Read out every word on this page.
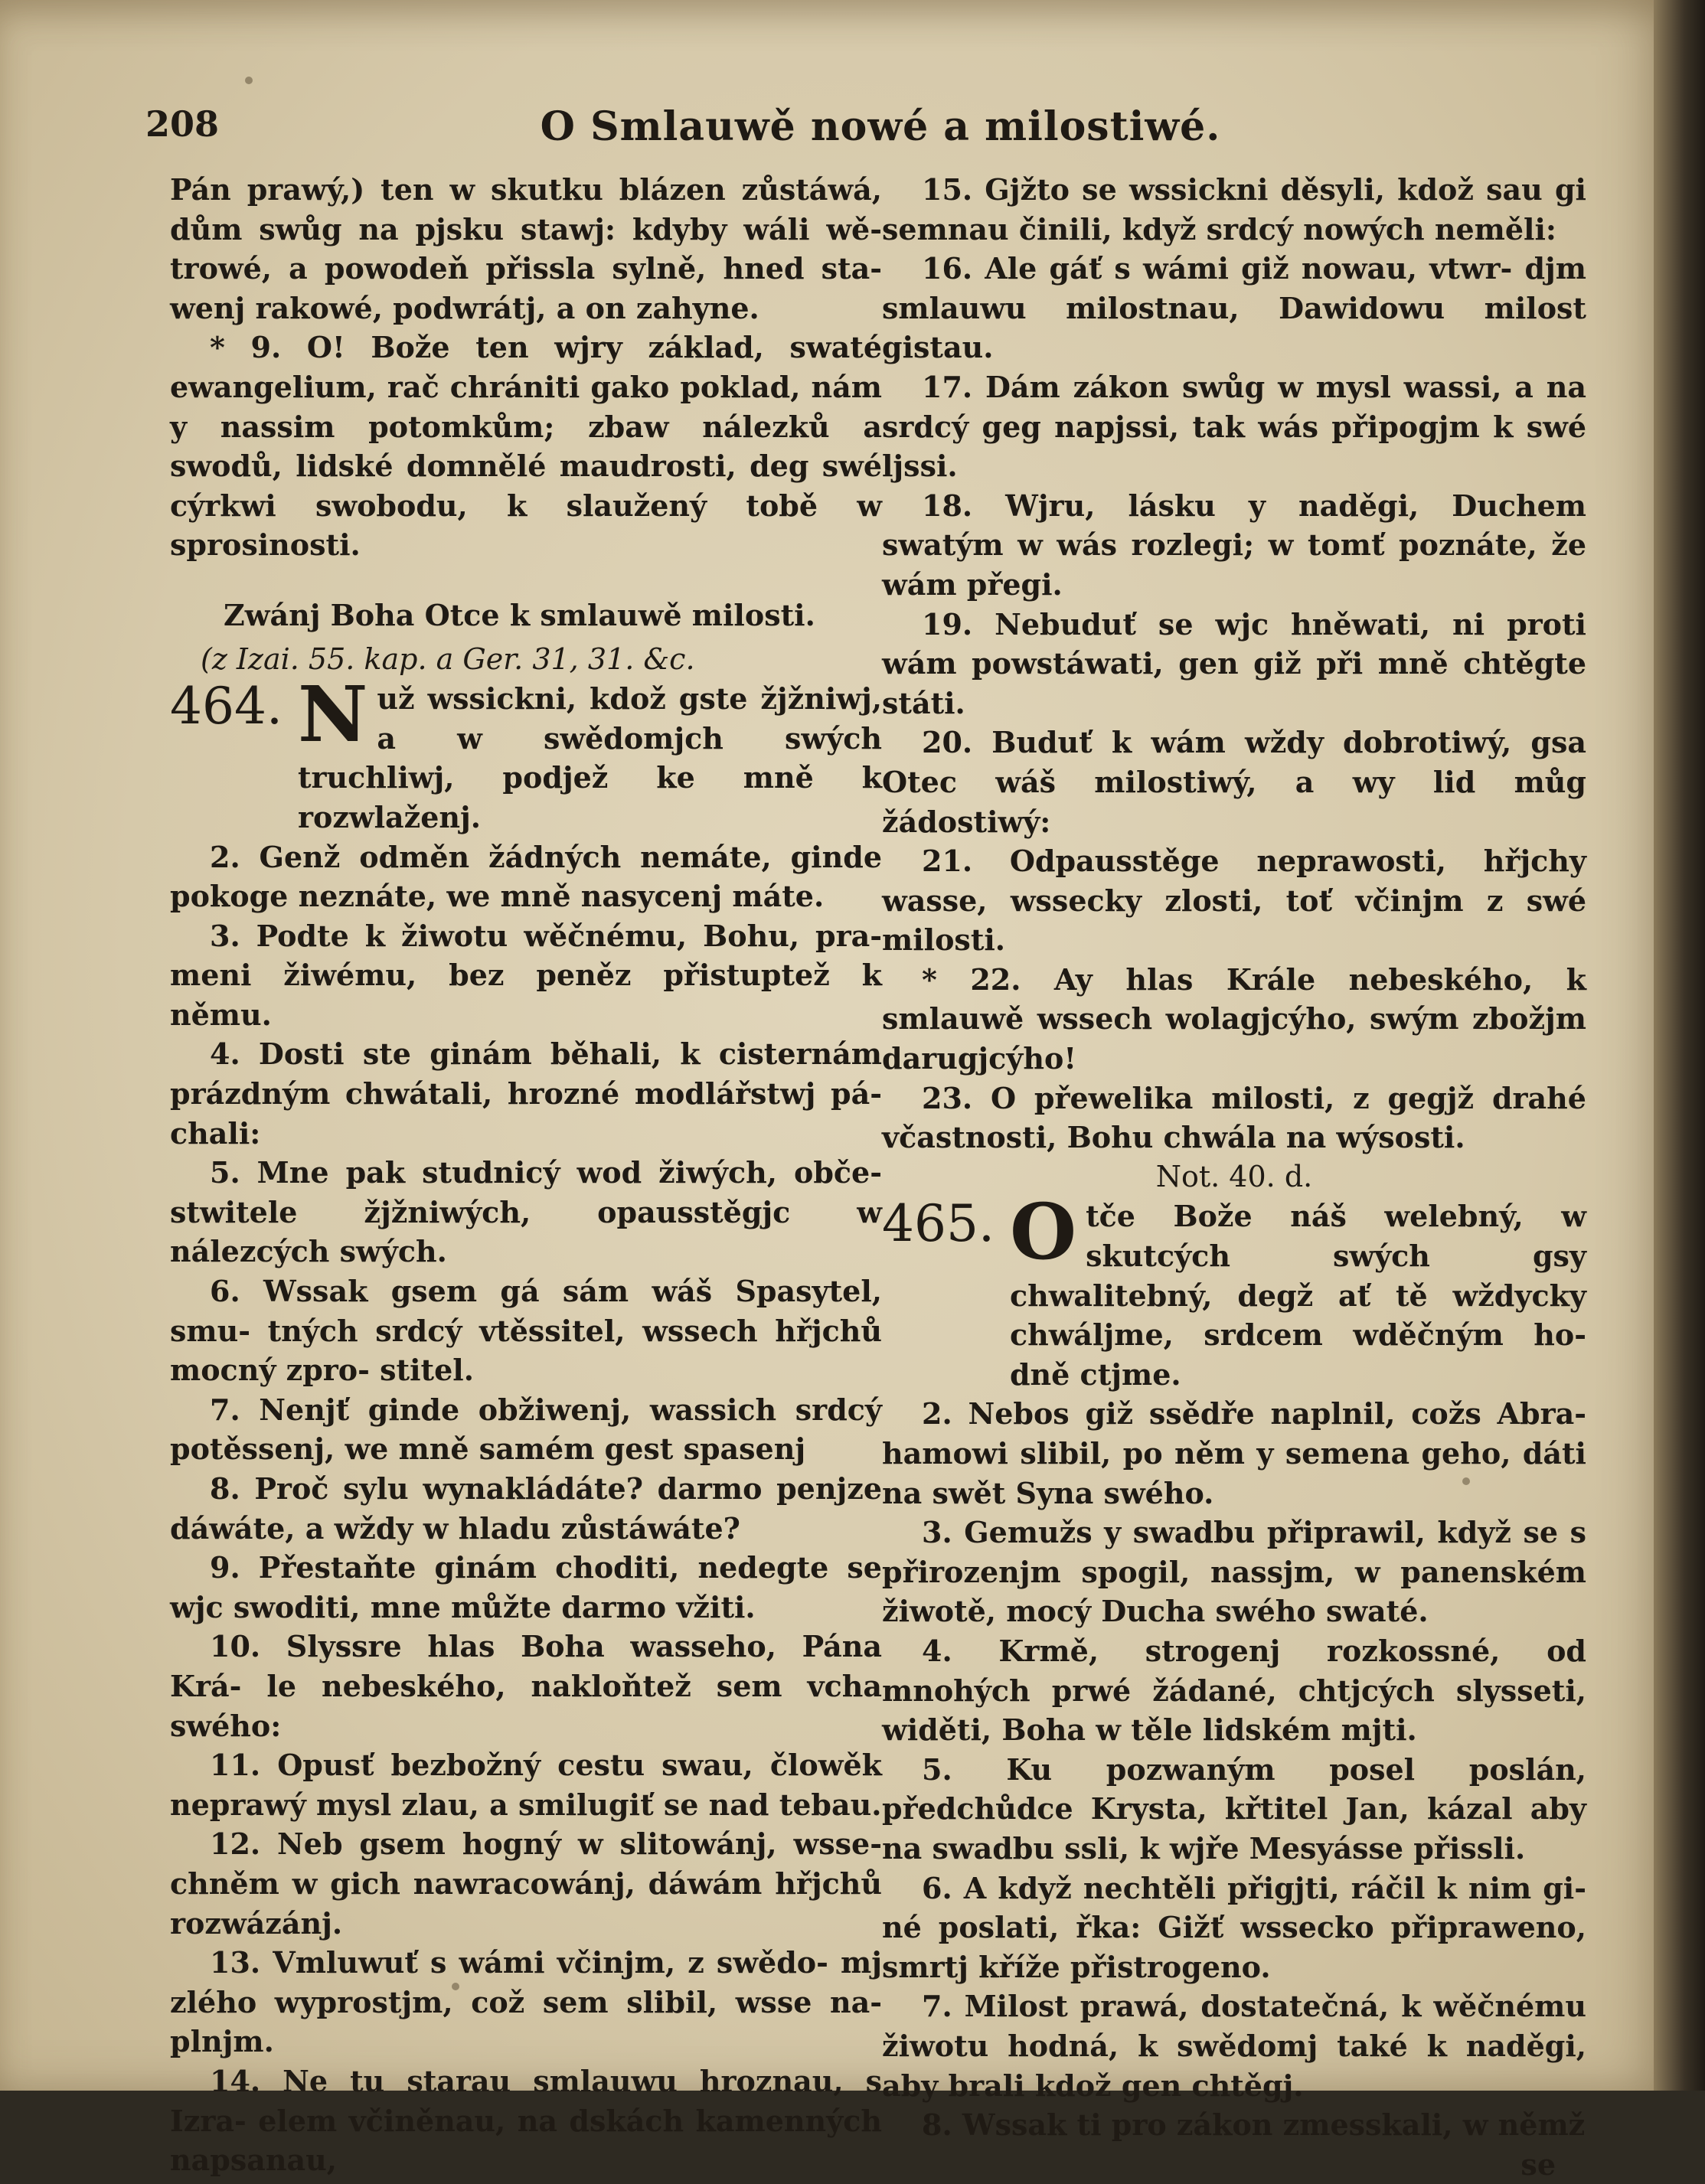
208	O Smlauwě nowé a milostiwé.

Pán prawý,) ten w skutku blázen zůstáwá, dům swůg na pjsku stawj: kdyby wáli wě- trowé, a powodeň přissla sylně, hned sta- wenj rakowé, podwrátj, a on zahyne.

* 9. O! Bože ten wjry základ, swaté ewangelium, rač chrániti gako poklad, nám y nassim potomkům; zbaw nálezků a swodů, lidské domnělé maudrosti, deg swé cýrkwi swobodu, k slaužený tobě w sprosinosti.

Zwánj Boha Otce k smlauwě milosti.

(z Izai. 55. kap. a Ger. 31, 31. &c.

464. Nuž wssickni, kdož gste žjžniwj, a w swědomjch swých truchliwj, podjež ke mně k rozwlaženj.

2. Genž odměn žádných nemáte, ginde pokoge neznáte, we mně nasycenj máte.

3. Podte k žiwotu wěčnému, Bohu, pra- meni žiwému, bez peněz přistuptež k němu.

4. Dosti ste ginám běhali, k cisternám prázdným chwátali, hrozné modlářstwj pá- chali:

5. Mne pak studnicý wod žiwých, obče- stwitele žjžniwých, opausstěgjc w nálezcých swých.

6. Wssak gsem gá sám wáš Spasytel, smu- tných srdcý vtěssitel, wssech hřjchů mocný zpro- stitel.

7. Nenjť ginde obžiwenj, wassich srdcý potěssenj, we mně samém gest spasenj

8. Proč sylu wynakládáte? darmo penjze dáwáte, a wždy w hladu zůstáwáte?

9. Přestaňte ginám choditi, nedegte se wjc swoditi, mne můžte darmo vžiti.

10. Slyssre hlas Boha wasseho, Pána Krá- le nebeského, nakloňtež sem vcha swého:

11. Opusť bezbožný cestu swau, člowěk neprawý mysl zlau, a smilugiť se nad tebau.

12. Neb gsem hogný w slitowánj, wsse- chněm w gich nawracowánj, dáwám hřjchů rozwázánj.

13. Vmluwuť s wámi včinjm, z swědo- mj zlého wyprostjm, což sem slibil, wsse na- plnjm.

14. Ne tu starau smlauwu hroznau, s Izra- elem včiněnau, na dskách kamenných napsanau,

15. Gjžto se wssickni děsyli, kdož sau gi semnau činili, když srdcý nowých neměli:

16. Ale gáť s wámi giž nowau, vtwr- djm smlauwu milostnau, Dawidowu milost gistau.

17. Dám zákon swůg w mysl wassi, a na srdcý geg napjssi, tak wás připogjm k swé ljssi.

18. Wjru, lásku y naděgi, Duchem swatým w wás rozlegi; w tomť poznáte, že wám přegi.

19. Nebuduť se wjc hněwati, ni proti wám powstáwati, gen giž při mně chtěgte státi.

20. Buduť k wám wždy dobrotiwý, gsa Otec wáš milostiwý, a wy lid můg žádostiwý:

21. Odpausstěge neprawosti, hřjchy wasse, wssecky zlosti, toť včinjm z swé milosti.

* 22. Ay hlas Krále nebeského, k smlauwě wssech wolagjcýho, swým zbožjm darugjcýho!

23. O přewelika milosti, z gegjž drahé včastnosti, Bohu chwála na wýsosti.

Not. 40. d.

465. Otče Bože náš welebný, w skutcých swých gsy chwalitebný, degž ať tě wždycky chwáljme, srdcem wděčným ho- dně ctjme.

2. Nebos giž ssědře naplnil, cožs Abra- hamowi slibil, po něm y semena geho, dáti na swět Syna swého.

3. Gemužs y swadbu připrawil, když se s přirozenjm spogil, nassjm, w panenském žiwotě, mocý Ducha swého swaté.

4. Krmě, strogenj rozkossné, od mnohých prwé žádané, chtjcých slysseti, widěti, Boha w těle lidském mjti.

5. Ku pozwaným posel poslán, předchůdce Krysta, křtitel Jan, kázal aby na swadbu ssli, k wjře Mesyásse přissli.

6. A když nechtěli přigjti, ráčil k nim gi- né poslati, řka: Gižť wssecko připraweno, smrtj kříže přistrogeno.

7. Milost prawá, dostatečná, k wěčnému žiwotu hodná, k swědomj také k naděgi, aby brali kdož gen chtěgj.

8. Wssak ti pro zákon zmesskali, w němž

se
